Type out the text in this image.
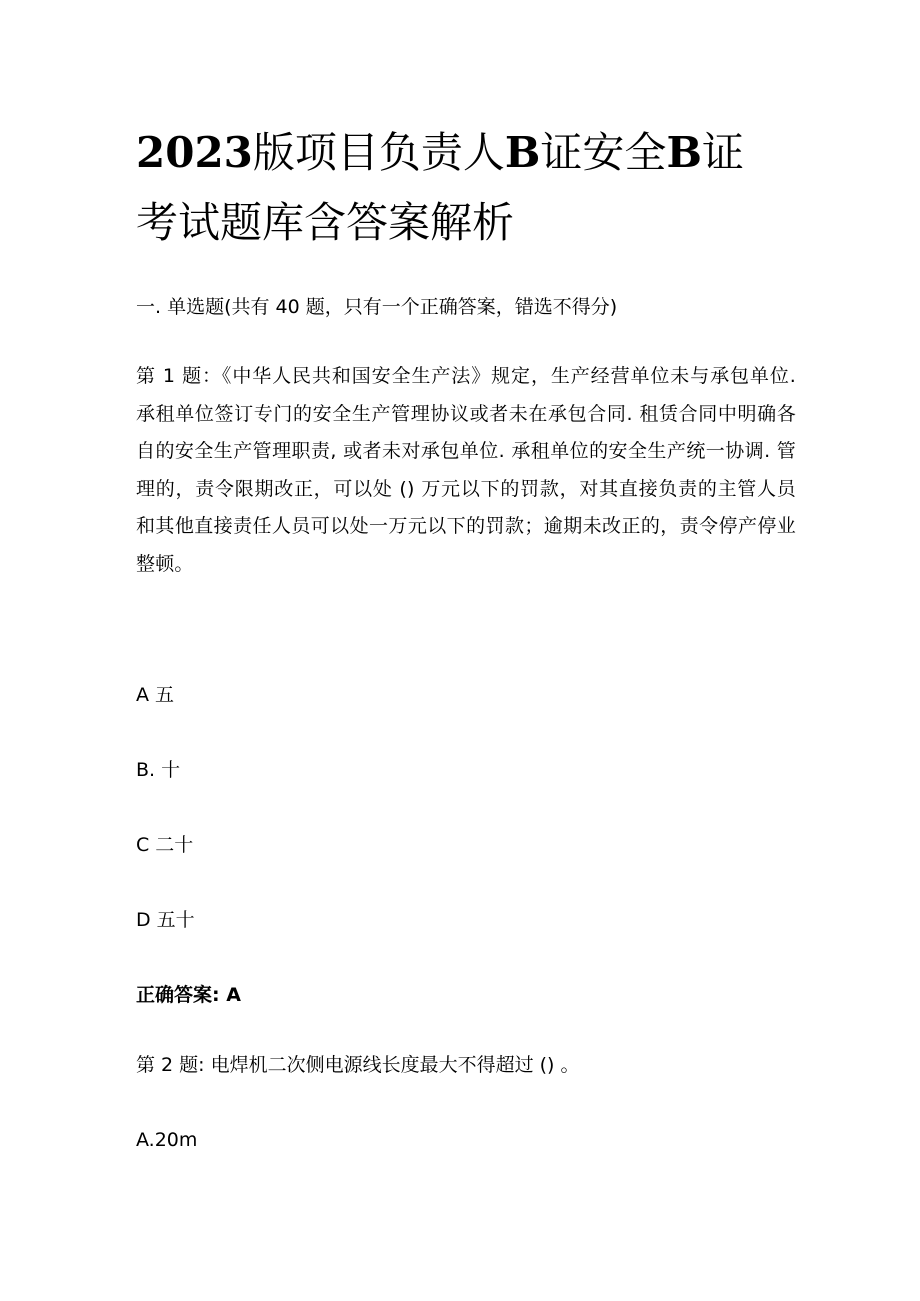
2023版项目负责人B证安全B证
考试题库含答案解析

一. 单选题(共有 40 题，只有一个正确答案，错选不得分)

第 1 题：《中华人民共和国安全生产法》规定，生产经营单位未与承包单位. 承租单位签订专门的安全生产管理协议或者未在承包合同. 租赁合同中明确各自的安全生产管理职责, 或者未对承包单位. 承租单位的安全生产统一协调. 管理的，责令限期改正，可以处 () 万元以下的罚款，对其直接负责的主管人员和其他直接责任人员可以处一万元以下的罚款；逾期未改正的，责令停产停业整顿。

A 五

B. 十

C 二十

D 五十

正确答案: A

第 2 题: 电焊机二次侧电源线长度最大不得超过 () 。

A.20m
